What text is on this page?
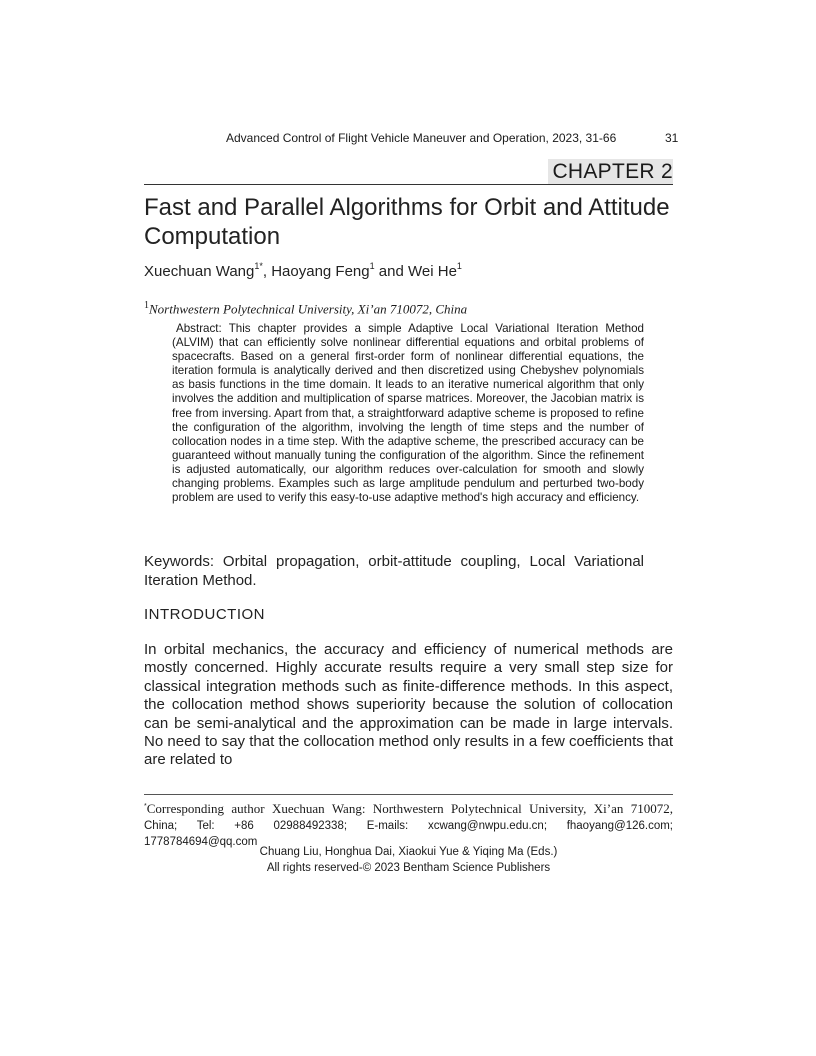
Advanced Control of Flight Vehicle Maneuver and Operation, 2023, 31-66	31
CHAPTER 2
Fast and Parallel Algorithms for Orbit and Attitude Computation
Xuechuan Wang$^{1*}$, Haoyang Feng$^1$ and Wei He$^1$
$^1$Northwestern Polytechnical University, Xi’an 710072, China
Abstract: This chapter provides a simple Adaptive Local Variational Iteration Method (ALVIM) that can efficiently solve nonlinear differential equations and orbital problems of spacecrafts. Based on a general first-order form of nonlinear differential equations, the iteration formula is analytically derived and then discretized using Chebyshev polynomials as basis functions in the time domain. It leads to an iterative numerical algorithm that only involves the addition and multiplication of sparse matrices. Moreover, the Jacobian matrix is free from inversing. Apart from that, a straightforward adaptive scheme is proposed to refine the configuration of the algorithm, involving the length of time steps and the number of collocation nodes in a time step. With the adaptive scheme, the prescribed accuracy can be guaranteed without manually tuning the configuration of the algorithm. Since the refinement is adjusted automatically, our algorithm reduces over-calculation for smooth and slowly changing problems. Examples such as large amplitude pendulum and perturbed two-body problem are used to verify this easy-to-use adaptive method's high accuracy and efficiency.
Keywords: Orbital propagation, orbit-attitude coupling, Local Variational Iteration Method.
INTRODUCTION
In orbital mechanics, the accuracy and efficiency of numerical methods are mostly concerned. Highly accurate results require a very small step size for classical integration methods such as finite-difference methods. In this aspect, the collocation method shows superiority because the solution of collocation can be semi-analytical and the approximation can be made in large intervals. No need to say that the collocation method only results in a few coefficients that are related to
*Corresponding author Xuechuan Wang: Northwestern Polytechnical University, Xi’an 710072, China; Tel: +86 02988492338; E-mails: xcwang@nwpu.edu.cn; fhaoyang@126.com; 1778784694@qq.com
Chuang Liu, Honghua Dai, Xiaokui Yue & Yiqing Ma (Eds.)
All rights reserved-© 2023 Bentham Science Publishers
